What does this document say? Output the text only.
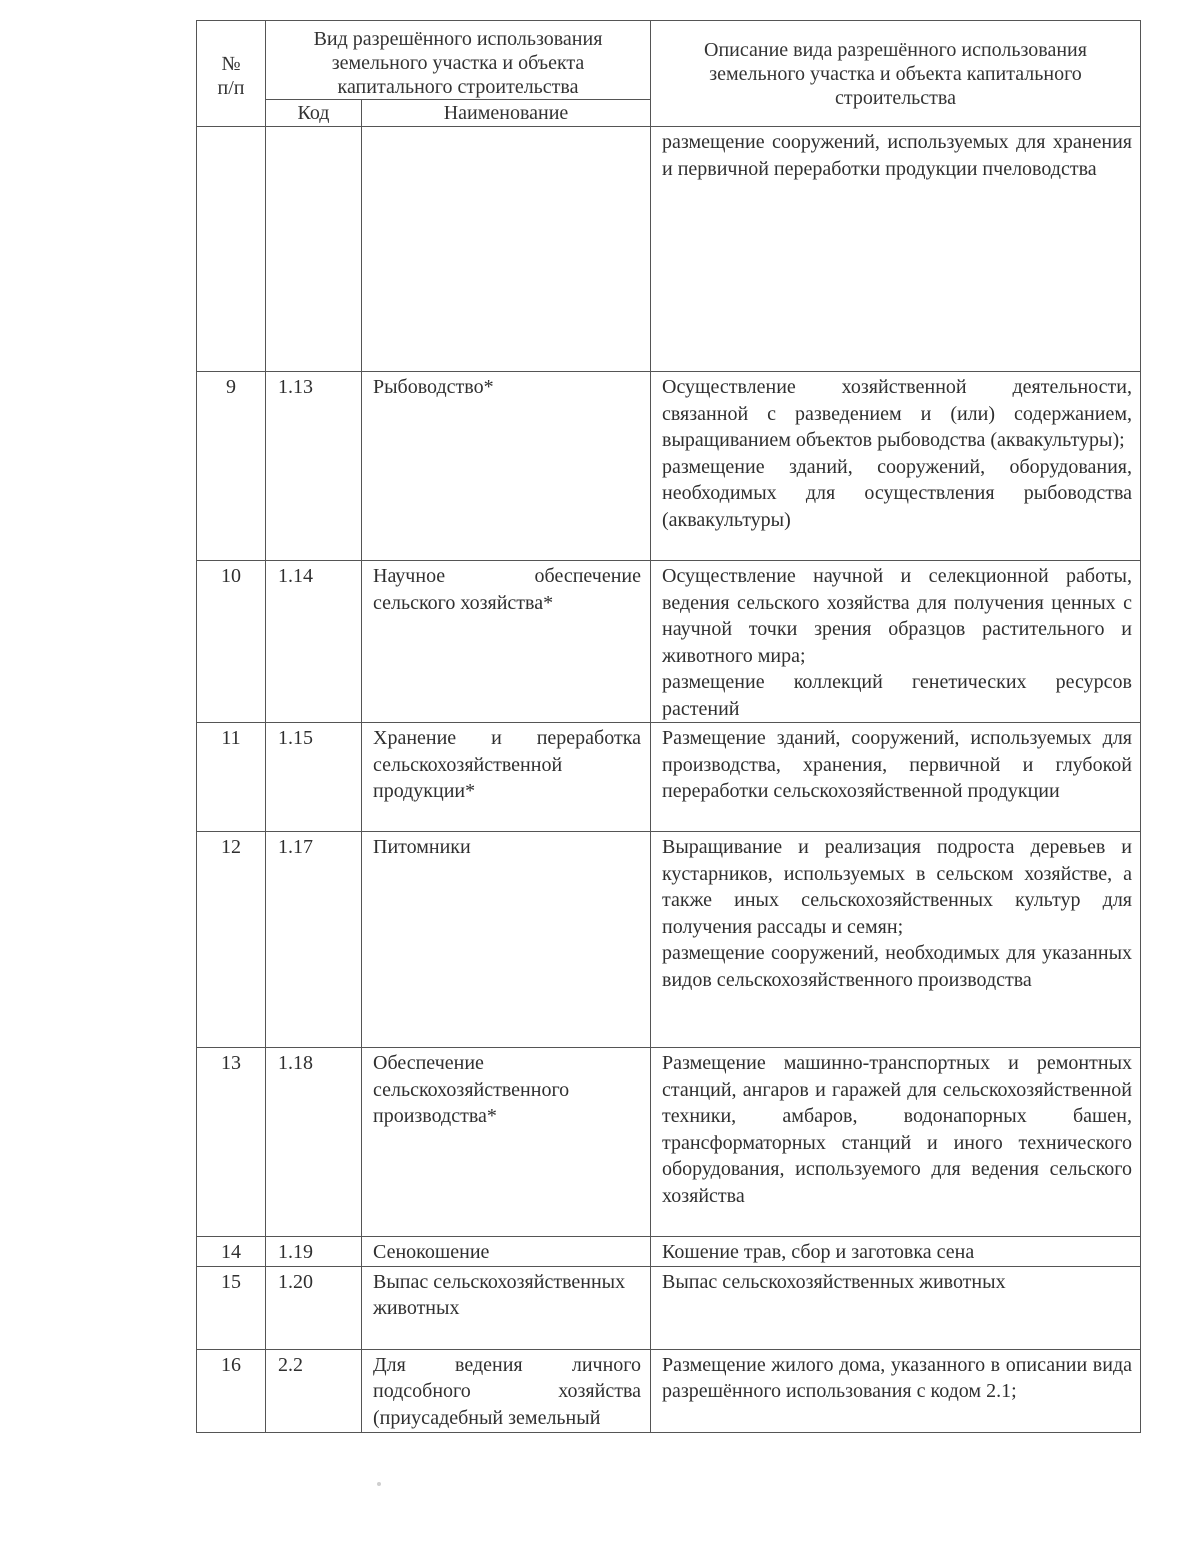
№
п/п	Вид разрешённого использования земельного участка и объекта капитального строительства		Описание вида разрешённого использования земельного участка и объекта капитального строительства
	Код	Наименование	

			размещение сооружений, используемых для хранения и первичной переработки продукции пчеловодства

9	1.13	Рыбоводство*	Осуществление хозяйственной деятельности, связанной с разведением и (или) содержанием, выращиванием объектов рыбоводства (аквакультуры);
размещение зданий, сооружений, оборудования, необходимых для осуществления рыбоводства (аквакультуры)

10	1.14	Научное обеспечение сельского хозяйства*	Осуществление научной и селекционной работы, ведения сельского хозяйства для получения ценных с научной точки зрения образцов растительного и животного мира;
размещение коллекций генетических ресурсов растений

11	1.15	Хранение и переработка сельскохозяйственной продукции*	Размещение зданий, сооружений, используемых для производства, хранения, первичной и глубокой переработки сельскохозяйственной продукции

12	1.17	Питомники	Выращивание и реализация подроста деревьев и кустарников, используемых в сельском хозяйстве, а также иных сельскохозяйственных культур для получения рассады и семян;
размещение сооружений, необходимых для указанных видов сельскохозяйственного производства

13	1.18	Обеспечение сельскохозяйственного производства*	Размещение машинно-транспортных и ремонтных станций, ангаров и гаражей для сельскохозяйственной техники, амбаров, водонапорных башен, трансформаторных станций и иного технического оборудования, используемого для ведения сельского хозяйства

14	1.19	Сенокошение	Кошение трав, сбор и заготовка сена

15	1.20	Выпас сельскохозяйственных животных	Выпас сельскохозяйственных животных

16	2.2	Для ведения личного подсобного хозяйства (приусадебный земельный	Размещение жилого дома, указанного в описании вида разрешённого использования с кодом 2.1;
